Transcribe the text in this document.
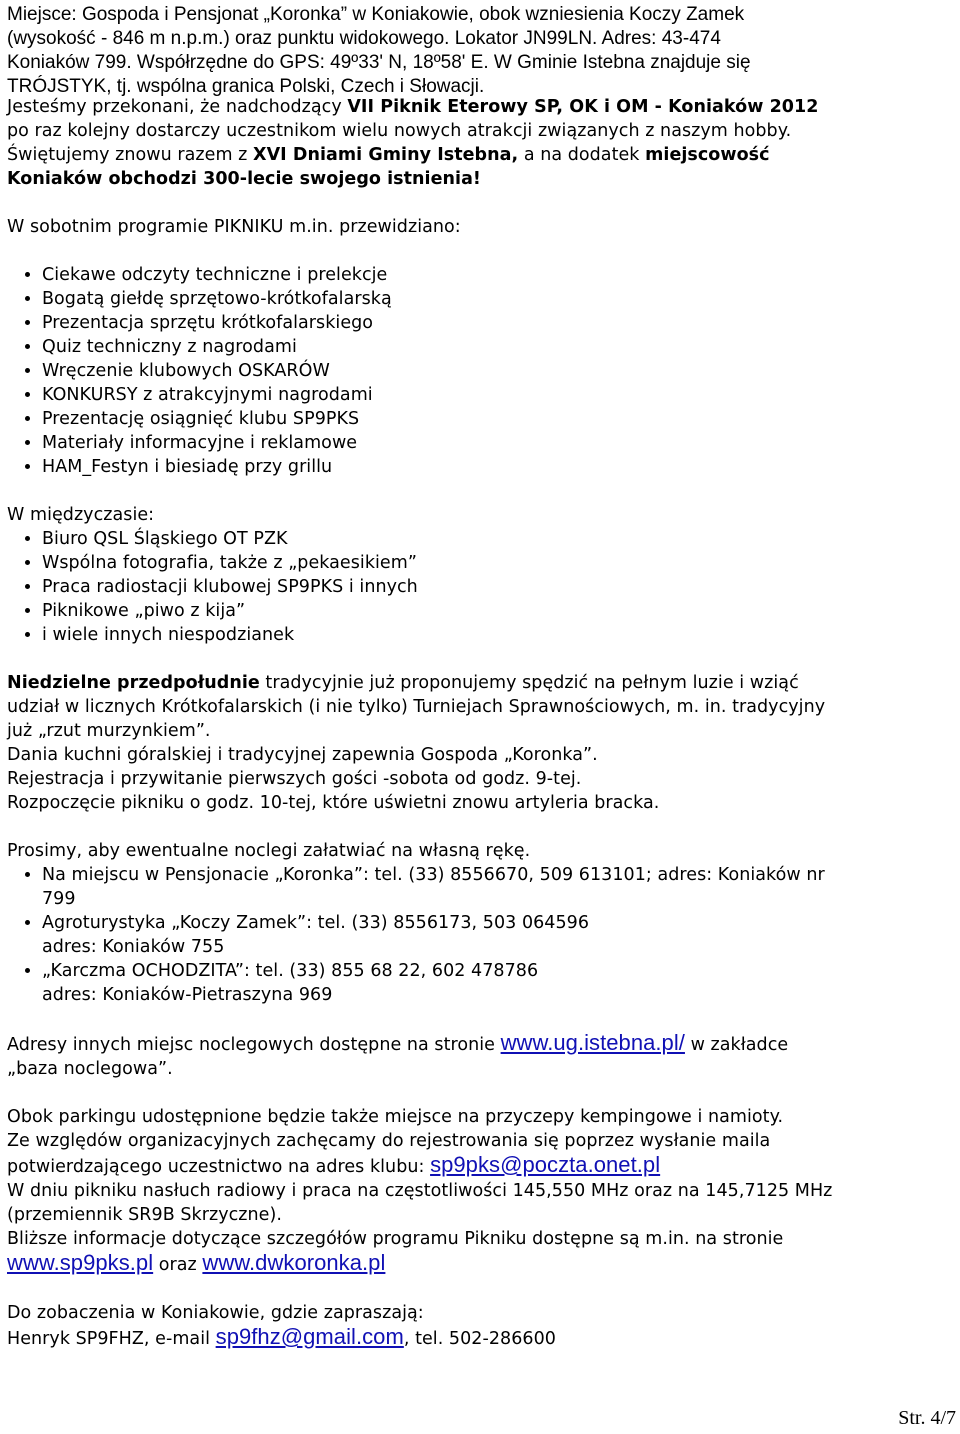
Miejsce: Gospoda i Pensjonat „Koronka” w Koniakowie, obok wzniesienia Koczy Zamek
(wysokość - 846 m n.p.m.) oraz punktu widokowego. Lokator JN99LN. Adres: 43-474
Koniaków 799. Współrzędne do GPS: 49º33' N, 18º58' E. W Gminie Istebna znajduje się
TRÓJSTYK, tj. wspólna granica Polski, Czech i Słowacji.
Jesteśmy przekonani, że nadchodzący VII Piknik Eterowy SP, OK i OM - Koniaków 2012
po raz kolejny dostarczy uczestnikom wielu nowych atrakcji związanych z naszym hobby.
Świętujemy znowu razem z XVI Dniami Gminy Istebna, a na dodatek miejscowość
Koniaków obchodzi 300-lecie swojego istnienia!
W sobotnim programie PIKNIKU m.in. przewidziano:
• Ciekawe odczyty techniczne i prelekcje
• Bogatą giełdę sprzętowo-krótkofalarską
• Prezentacja sprzętu krótkofalarskiego
• Quiz techniczny z nagrodami
• Wręczenie klubowych OSKARÓW
• KONKURSY z atrakcyjnymi nagrodami
• Prezentację osiągnięć klubu SP9PKS
• Materiały informacyjne i reklamowe
• HAM_Festyn i biesiadę przy grillu
W międzyczasie:
• Biuro QSL Śląskiego OT PZK
• Wspólna fotografia, także z „pekaesikiem”
• Praca radiostacji klubowej SP9PKS i innych
• Piknikowe „piwo z kija”
• i wiele innych niespodzianek
Niedzielne przedpołudnie tradycyjnie już proponujemy spędzić na pełnym luzie i wziąć
udział w licznych Krótkofalarskich (i nie tylko) Turniejach Sprawnościowych, m. in. tradycyjny
już „rzut murzynkiem”.
Dania kuchni góralskiej i tradycyjnej zapewnia Gospoda „Koronka”.
Rejestracja i przywitanie pierwszych gości -sobota od godz. 9-tej.
Rozpoczęcie pikniku o godz. 10-tej, które uświetni znowu artyleria bracka.
Prosimy, aby ewentualne noclegi załatwiać na własną rękę.
• Na miejscu w Pensjonacie „Koronka”: tel. (33) 8556670, 509 613101; adres: Koniaków nr
799
• Agroturystyka „Koczy Zamek”: tel. (33) 8556173, 503 064596
adres: Koniaków 755
• „Karczma OCHODZITA”: tel. (33) 855 68 22, 602 478786
adres: Koniaków-Pietraszyna 969
Adresy innych miejsc noclegowych dostępne na stronie www.ug.istebna.pl/ w zakładce
„baza noclegowa”.
Obok parkingu udostępnione będzie także miejsce na przyczepy kempingowe i namioty.
Ze względów organizacyjnych zachęcamy do rejestrowania się poprzez wysłanie maila
potwierdzającego uczestnictwo na adres klubu: sp9pks@poczta.onet.pl
W dniu pikniku nasłuch radiowy i praca na częstotliwości 145,550 MHz oraz na 145,7125 MHz
(przemiennik SR9B Skrzyczne).
Bliższe informacje dotyczące szczegółów programu Pikniku dostępne są m.in. na stronie
www.sp9pks.pl oraz www.dwkoronka.pl
Do zobaczenia w Koniakowie, gdzie zapraszają:
Henryk SP9FHZ, e-mail sp9fhz@gmail.com, tel. 502-286600
Str. 4/7
